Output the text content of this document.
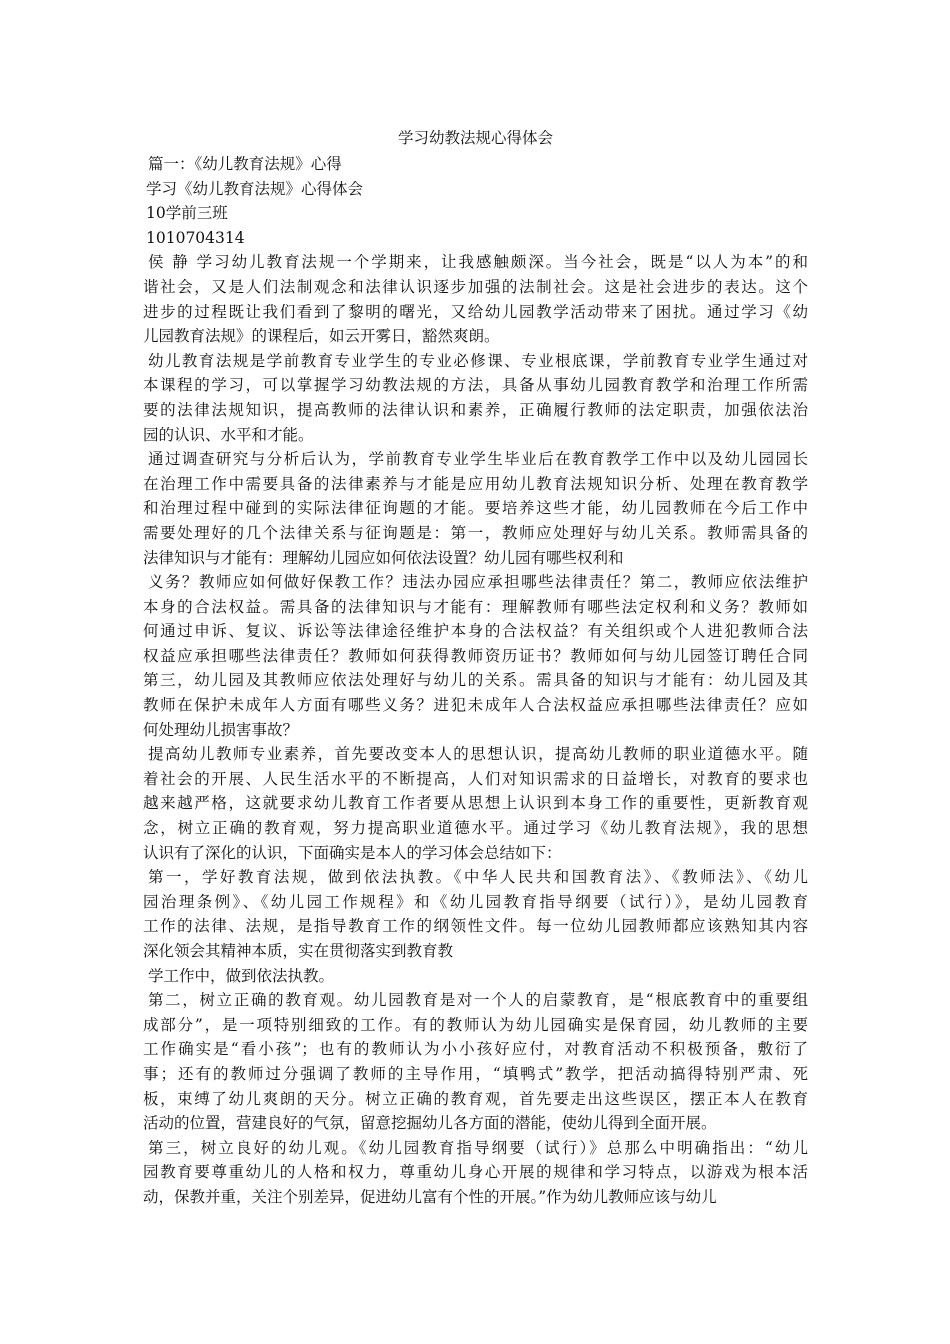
学习幼教法规心得体会
篇一：《幼儿教育法规》心得
学习《幼儿教育法规》心得体会
10学前三班
1010704314
侯 静 学习幼儿教育法规一个学期来，让我感触颇深。当今社会，既是“以人为本”的和
谐社会，又是人们法制观念和法律认识逐步加强的法制社会。这是社会进步的表达。这个
进步的过程既让我们看到了黎明的曙光，又给幼儿园教学活动带来了困扰。通过学习《幼
儿园教育法规》的课程后，如云开雾日，豁然爽朗。
幼儿教育法规是学前教育专业学生的专业必修课、专业根底课，学前教育专业学生通过对
本课程的学习，可以掌握学习幼教法规的方法，具备从事幼儿园教育教学和治理工作所需
要的法律法规知识，提高教师的法律认识和素养，正确履行教师的法定职责，加强依法治
园的认识、水平和才能。
通过调查研究与分析后认为，学前教育专业学生毕业后在教育教学工作中以及幼儿园园长
在治理工作中需要具备的法律素养与才能是应用幼儿教育法规知识分析、处理在教育教学
和治理过程中碰到的实际法律征询题的才能。要培养这些才能，幼儿园教师在今后工作中
需要处理好的几个法律关系与征询题是：第一，教师应处理好与幼儿关系。教师需具备的
法律知识与才能有：理解幼儿园应如何依法设置？幼儿园有哪些权利和
义务？教师应如何做好保教工作？违法办园应承担哪些法律责任？第二，教师应依法维护
本身的合法权益。需具备的法律知识与才能有：理解教师有哪些法定权利和义务？教师如
何通过申诉、复议、诉讼等法律途径维护本身的合法权益？有关组织或个人进犯教师合法
权益应承担哪些法律责任？教师如何获得教师资历证书？教师如何与幼儿园签订聘任合同
第三，幼儿园及其教师应依法处理好与幼儿的关系。需具备的知识与才能有：幼儿园及其
教师在保护未成年人方面有哪些义务？进犯未成年人合法权益应承担哪些法律责任？应如
何处理幼儿损害事故？
提高幼儿教师专业素养，首先要改变本人的思想认识，提高幼儿教师的职业道德水平。随
着社会的开展、人民生活水平的不断提高，人们对知识需求的日益增长，对教育的要求也
越来越严格，这就要求幼儿教育工作者要从思想上认识到本身工作的重要性，更新教育观
念，树立正确的教育观，努力提高职业道德水平。通过学习《幼儿教育法规》，我的思想
认识有了深化的认识，下面确实是本人的学习体会总结如下：
第一，学好教育法规，做到依法执教。《中华人民共和国教育法》、《教师法》、《幼儿
园治理条例》、《幼儿园工作规程》和《幼儿园教育指导纲要（试行）》，是幼儿园教育
工作的法律、法规，是指导教育工作的纲领性文件。每一位幼儿园教师都应该熟知其内容
深化领会其精神本质，实在贯彻落实到教育教
学工作中，做到依法执教。
第二，树立正确的教育观。幼儿园教育是对一个人的启蒙教育，是“根底教育中的重要组
成部分”，是一项特别细致的工作。有的教师认为幼儿园确实是保育园，幼儿教师的主要
工作确实是“看小孩”；也有的教师认为小小孩好应付，对教育活动不积极预备，敷衍了
事；还有的教师过分强调了教师的主导作用，“填鸭式”教学，把活动搞得特别严肃、死
板，束缚了幼儿爽朗的天分。树立正确的教育观，首先要走出这些误区，摆正本人在教育
活动的位置，营建良好的气氛，留意挖掘幼儿各方面的潜能，使幼儿得到全面开展。
第三，树立良好的幼儿观。《幼儿园教育指导纲要（试行）》总那么中明确指出：“幼儿
园教育要尊重幼儿的人格和权力，尊重幼儿身心开展的规律和学习特点，以游戏为根本活
动，保教并重，关注个别差异，促进幼儿富有个性的开展。”作为幼儿教师应该与幼儿
